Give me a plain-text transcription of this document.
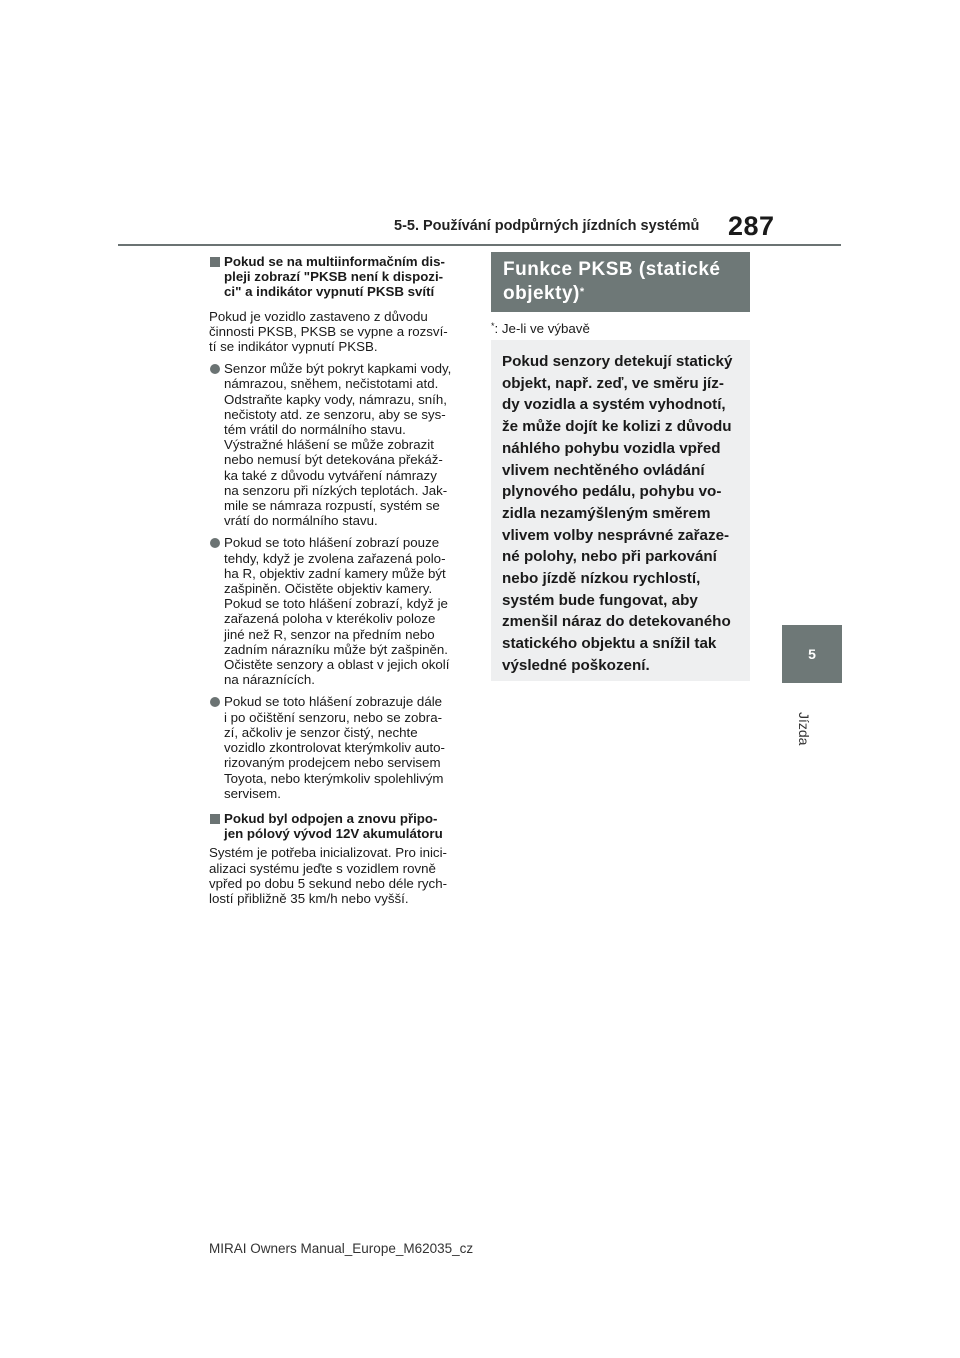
5-5. Používání podpůrných jízdních systémů 287
5
Jízda
Pokud se na multiinformačním dis-
pleji zobrazí "PKSB není k dispozi-
ci" a indikátor vypnutí PKSB svítí
Pokud je vozidlo zastaveno z důvodu
činnosti PKSB, PKSB se vypne a rozsví-
tí se indikátor vypnutí PKSB.
Senzor může být pokryt kapkami vody,
námrazou, sněhem, nečistotami atd.
Odstraňte kapky vody, námrazu, sníh,
nečistoty atd. ze senzoru, aby se sys-
tém vrátil do normálního stavu.
Výstražné hlášení se může zobrazit
nebo nemusí být detekována překáž-
ka také z důvodu vytváření námrazy
na senzoru při nízkých teplotách. Jak-
mile se námraza rozpustí, systém se
vrátí do normálního stavu.
Pokud se toto hlášení zobrazí pouze
tehdy, když je zvolena zařazená polo-
ha R, objektiv zadní kamery může být
zašpiněn. Očistěte objektiv kamery.
Pokud se toto hlášení zobrazí, když je
zařazená poloha v kterékoliv poloze
jiné než R, senzor na předním nebo
zadním nárazníku může být zašpiněn.
Očistěte senzory a oblast v jejich okolí
na náraznících.
Pokud se toto hlášení zobrazuje dále
i po očištění senzoru, nebo se zobra-
zí, ačkoliv je senzor čistý, nechte
vozidlo zkontrolovat kterýmkoliv auto-
rizovaným prodejcem nebo servisem
Toyota, nebo kterýmkoliv spolehlivým
servisem.
Pokud byl odpojen a znovu připo-
jen pólový vývod 12V akumulátoru
Systém je potřeba inicializovat. Pro inici-
alizaci systému jeďte s vozidlem rovně
vpřed po dobu 5 sekund nebo déle rych-
lostí přibližně 35 km/h nebo vyšší.
Funkce PKSB (statické
objekty)*
*: Je-li ve výbavě
Pokud senzory detekují statický
objekt, např. zeď, ve směru jíz-
dy vozidla a systém vyhodnotí,
že může dojít ke kolizi z důvodu
náhlého pohybu vozidla vpřed
vlivem nechtěného ovládání
plynového pedálu, pohybu vo-
zidla nezamýšleným směrem
vlivem volby nesprávné zařaze-
né polohy, nebo při parkování
nebo jízdě nízkou rychlostí,
systém bude fungovat, aby
zmenšil náraz do detekovaného
statického objektu a snížil tak
výsledné poškození.
MIRAI Owners Manual_Europe_M62035_cz
